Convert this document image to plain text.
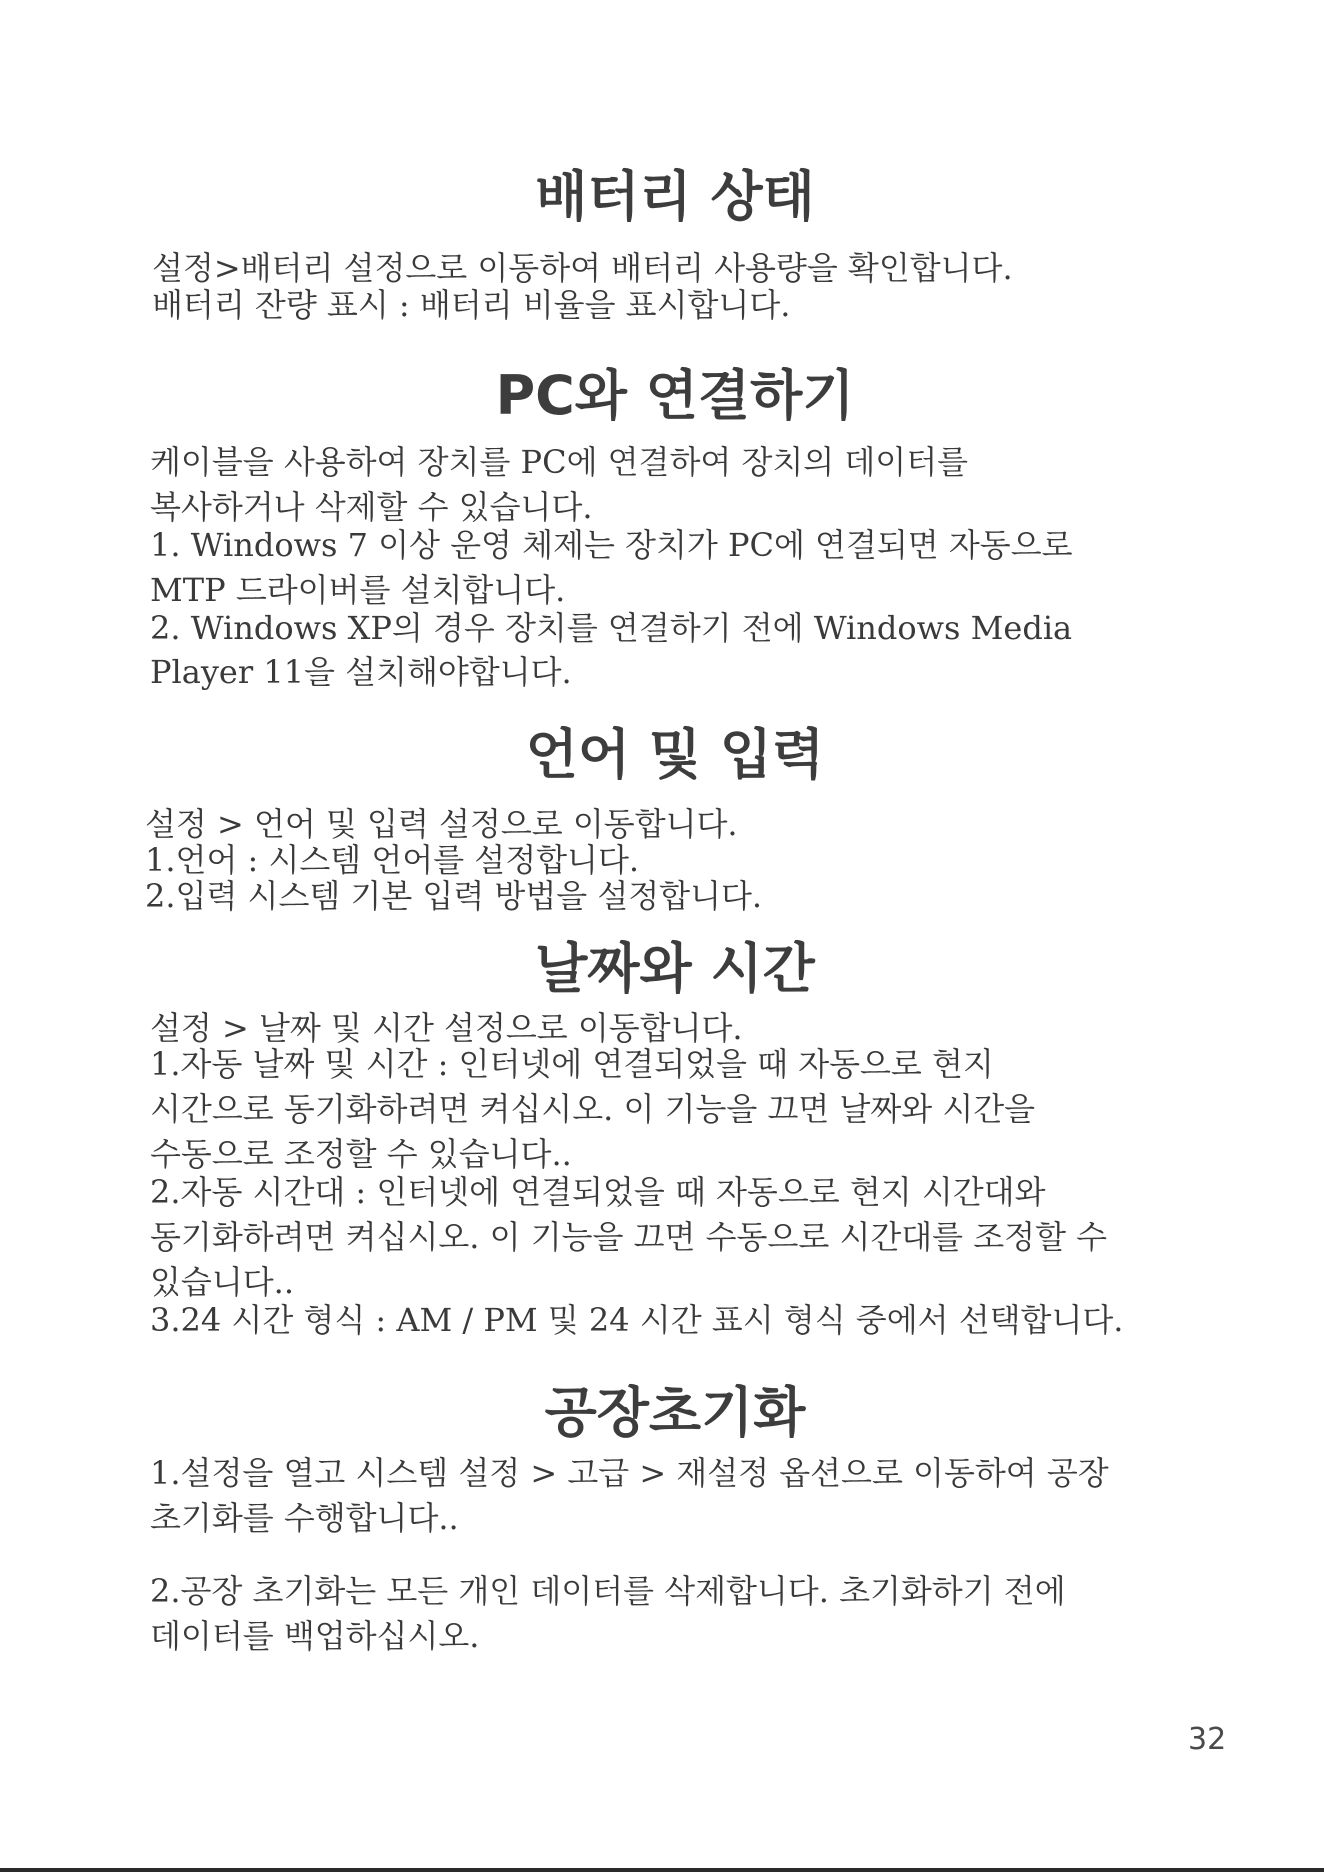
배터리 상태

설정>배터리 설정으로 이동하여 배터리 사용량을 확인합니다.

배터리 잔량 표시 : 배터리 비율을 표시합니다.

PC와 연결하기

케이블을 사용하여 장치를 PC에 연결하여 장치의 데이터를

복사하거나 삭제할 수 있습니다.

1. Windows 7 이상 운영 체제는 장치가 PC에 연결되면 자동으로

MTP 드라이버를 설치합니다.

2. Windows XP의 경우 장치를 연결하기 전에 Windows Media

Player 11을 설치해야합니다.

언어 및 입력

설정 > 언어 및 입력 설정으로 이동합니다.

1.언어 : 시스템 언어를 설정합니다.

2.입력 시스템 기본 입력 방법을 설정합니다.

날짜와 시간

설정 > 날짜 및 시간 설정으로 이동합니다.

1.자동 날짜 및 시간 : 인터넷에 연결되었을 때 자동으로 현지

시간으로 동기화하려면 켜십시오. 이 기능을 끄면 날짜와 시간을

수동으로 조정할 수 있습니다..

2.자동 시간대 : 인터넷에 연결되었을 때 자동으로 현지 시간대와

동기화하려면 켜십시오. 이 기능을 끄면 수동으로 시간대를 조정할 수

있습니다..

3.24 시간 형식 : AM / PM 및 24 시간 표시 형식 중에서 선택합니다.

공장초기화

1.설정을 열고 시스템 설정 > 고급 > 재설정 옵션으로 이동하여 공장

초기화를 수행합니다..

2.공장 초기화는 모든 개인 데이터를 삭제합니다. 초기화하기 전에

데이터를 백업하십시오.

32
